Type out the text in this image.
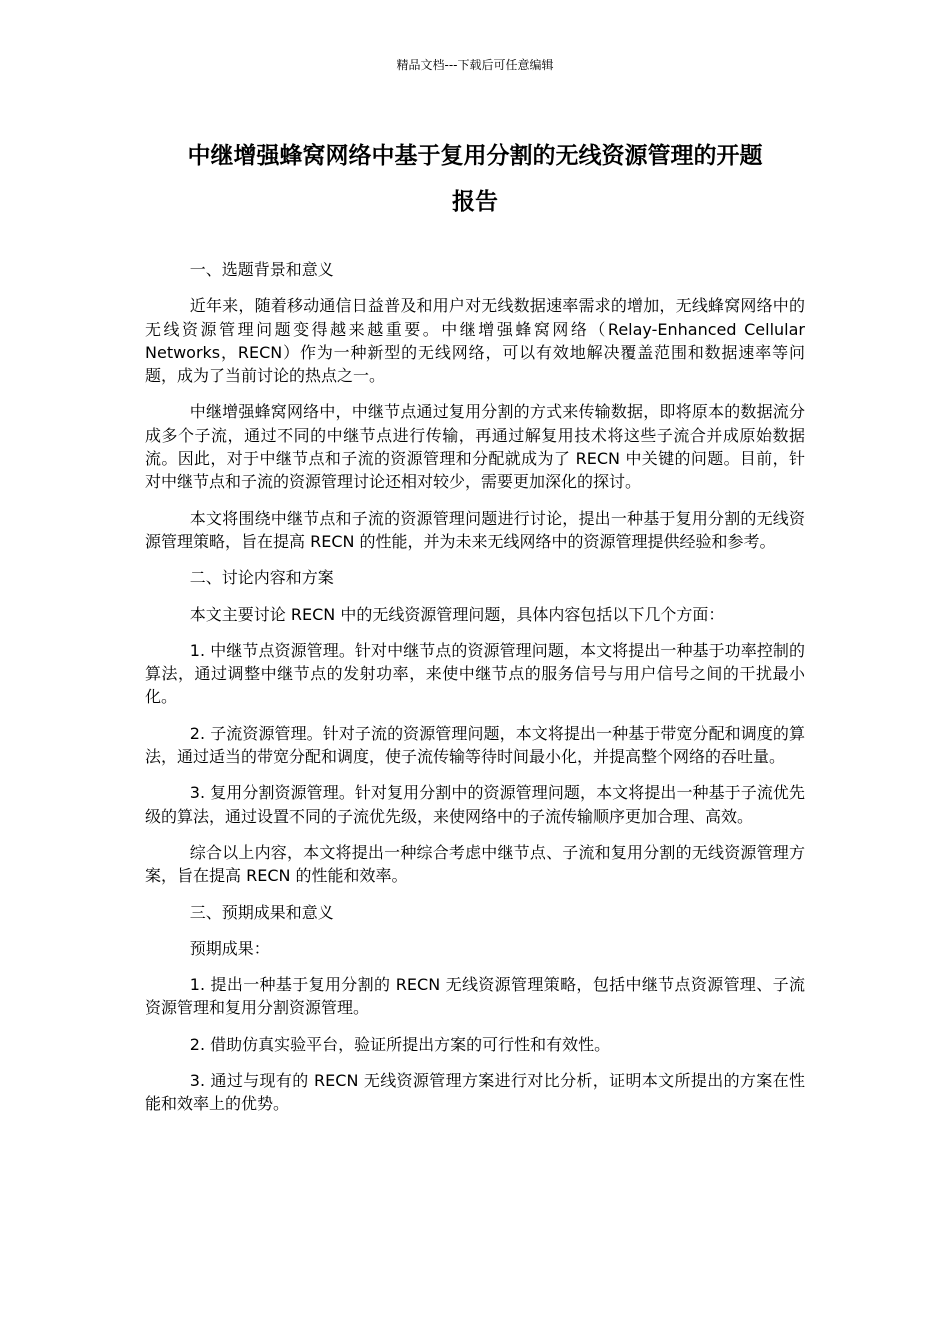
精品文档---下载后可任意编辑
中继增强蜂窝网络中基于复用分割的无线资源管理的开题
报告

一、选题背景和意义

近年来，随着移动通信日益普及和用户对无线数据速率需求的增加，无线蜂窝网络中的无线资源管理问题变得越来越重要。中继增强蜂窝网络（Relay-Enhanced Cellular Networks，RECN）作为一种新型的无线网络，可以有效地解决覆盖范围和数据速率等问题，成为了当前讨论的热点之一。

中继增强蜂窝网络中，中继节点通过复用分割的方式来传输数据，即将原本的数据流分成多个子流，通过不同的中继节点进行传输，再通过解复用技术将这些子流合并成原始数据流。因此，对于中继节点和子流的资源管理和分配就成为了 RECN 中关键的问题。目前，针对中继节点和子流的资源管理讨论还相对较少，需要更加深化的探讨。

本文将围绕中继节点和子流的资源管理问题进行讨论，提出一种基于复用分割的无线资源管理策略，旨在提高 RECN 的性能，并为未来无线网络中的资源管理提供经验和参考。

二、讨论内容和方案

本文主要讨论 RECN 中的无线资源管理问题，具体内容包括以下几个方面：

1. 中继节点资源管理。针对中继节点的资源管理问题，本文将提出一种基于功率控制的算法，通过调整中继节点的发射功率，来使中继节点的服务信号与用户信号之间的干扰最小化。

2. 子流资源管理。针对子流的资源管理问题，本文将提出一种基于带宽分配和调度的算法，通过适当的带宽分配和调度，使子流传输等待时间最小化，并提高整个网络的吞吐量。

3. 复用分割资源管理。针对复用分割中的资源管理问题，本文将提出一种基于子流优先级的算法，通过设置不同的子流优先级，来使网络中的子流传输顺序更加合理、高效。

综合以上内容，本文将提出一种综合考虑中继节点、子流和复用分割的无线资源管理方案，旨在提高 RECN 的性能和效率。

三、预期成果和意义

预期成果：

1. 提出一种基于复用分割的 RECN 无线资源管理策略，包括中继节点资源管理、子流资源管理和复用分割资源管理。

2. 借助仿真实验平台，验证所提出方案的可行性和有效性。

3. 通过与现有的 RECN 无线资源管理方案进行对比分析，证明本文所提出的方案在性能和效率上的优势。
